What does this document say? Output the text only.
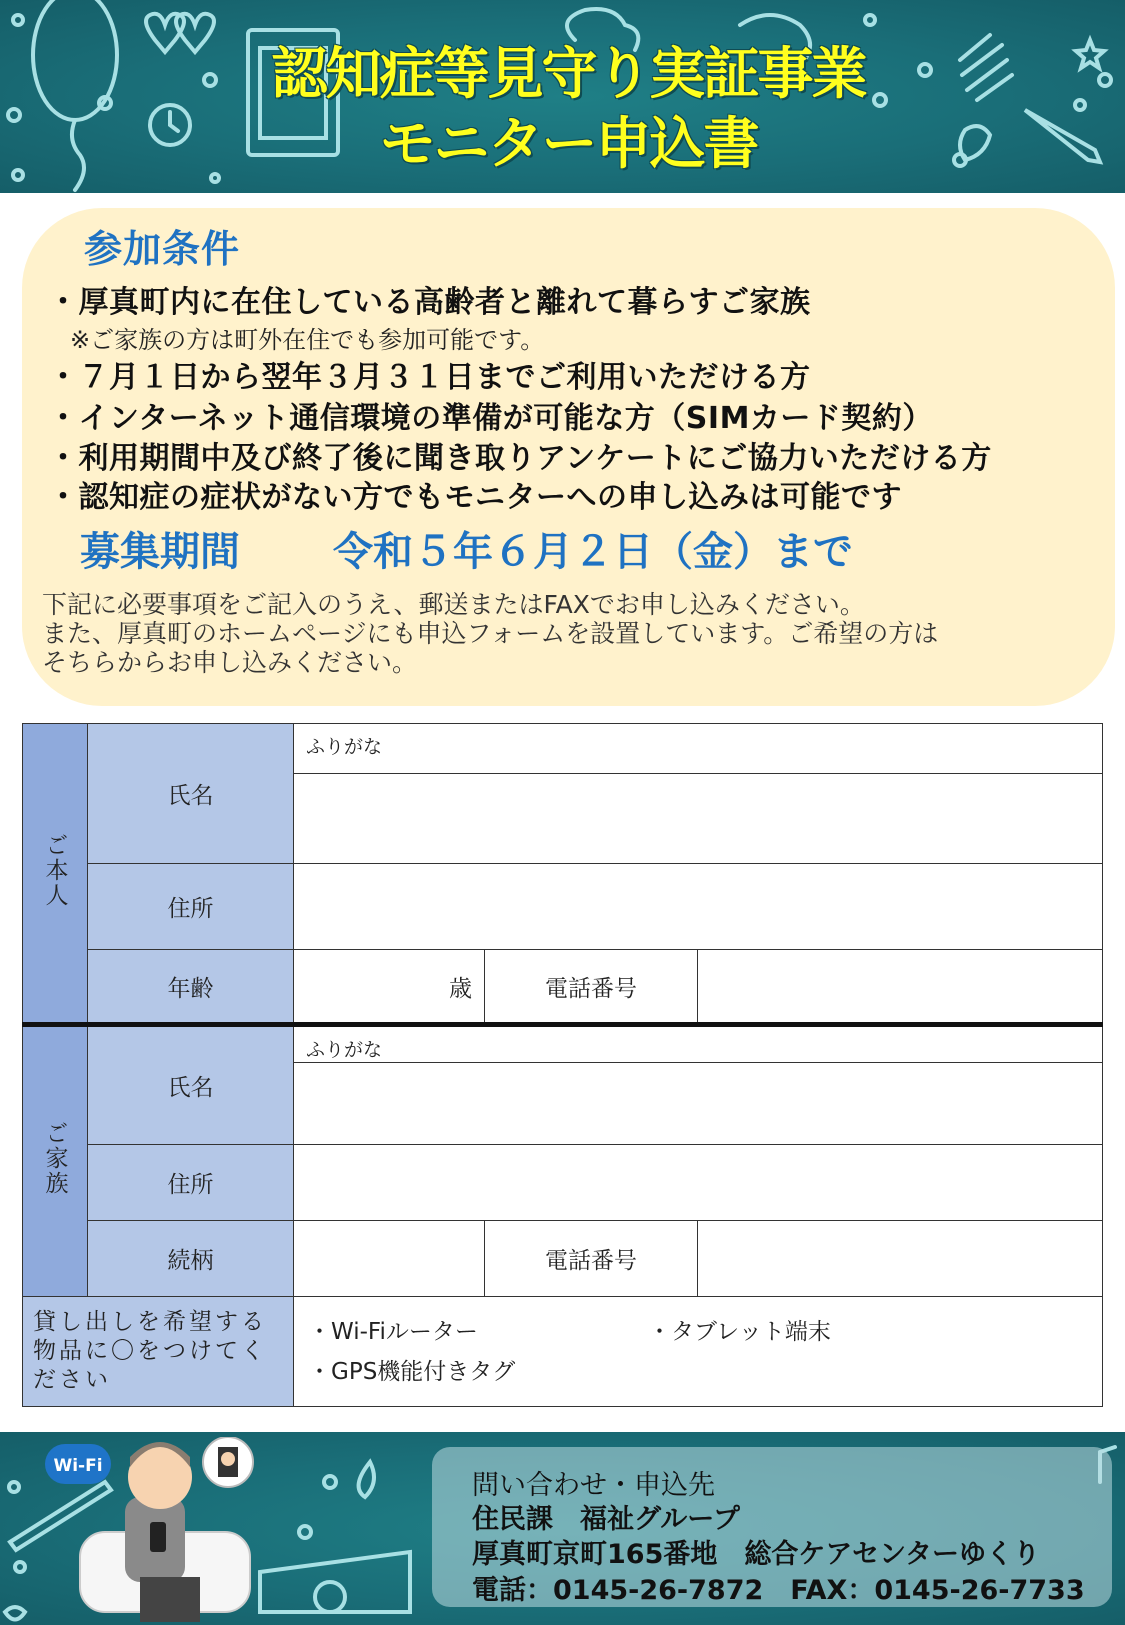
認知症等見守り実証事業
モニター申込書
参加条件
・厚真町内に在住している高齢者と離れて暮らすご家族
※ご家族の方は町外在住でも参加可能です。
・７月１日から翌年３月３１日までご利用いただける方
・インターネット通信環境の準備が可能な方（SIMカード契約）
・利用期間中及び終了後に聞き取りアンケートにご協力いただける方
・認知症の症状がない方でもモニターへの申し込みは可能です
募集期間 令和５年６月２日（金）まで
下記に必要事項をご記入のうえ、郵送またはFAXでお申し込みください。
また、厚真町のホームページにも申込フォームを設置しています。ご希望の方は
そちらからお申し込みください。
ご本人	氏名	ふりがな		

	住所			
	年齢	歳	電話番号	
ご家族	氏名	ふりがな		

	住所			
	続柄		電話番号	
貸し出しを希望する物品に〇をつけてください		・Wi-Fiルーター ・タブレット端末
・GPS機能付きタグ		
Wi-Fi
問い合わせ・申込先
住民課　福祉グループ
厚真町京町165番地　総合ケアセンターゆくり
電話：0145-26-7872　FAX：0145-26-7733
